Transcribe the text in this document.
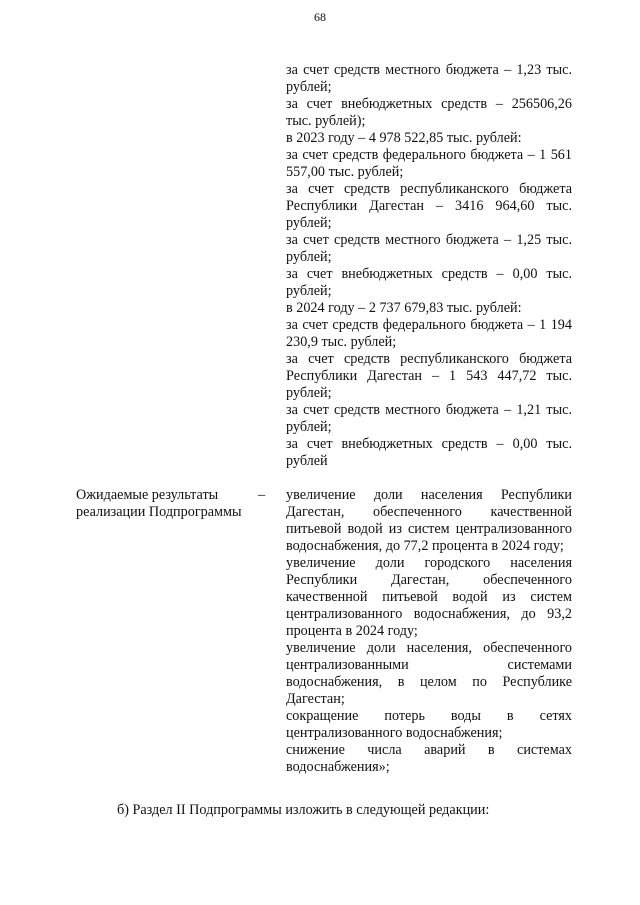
68

за счет средств местного бюджета – 1,23 тыс. рублей;

за счет внебюджетных средств – 256506,26 тыс. рублей);

в 2023 году – 4 978 522,85 тыс. рублей:

за счет средств федерального бюджета – 1 561 557,00 тыс. рублей;

за счет средств республиканского бюджета Республики Дагестан – 3416 964,60 тыс. рублей;

за счет средств местного бюджета – 1,25 тыс. рублей;

за счет внебюджетных средств – 0,00 тыс. рублей;

в 2024 году – 2 737 679,83 тыс. рублей:

за счет средств федерального бюджета – 1 194 230,9 тыс. рублей;

за счет средств республиканского бюджета Республики Дагестан – 1 543 447,72 тыс. рублей;

за счет средств местного бюджета – 1,21 тыс. рублей;

за счет внебюджетных средств – 0,00 тыс. рублей

Ожидаемые результаты реализации Подпрограммы
– увеличение доли населения Республики Дагестан, обеспеченного качественной питьевой водой из систем централизованного водоснабжения, до 77,2 процента в 2024 году;

увеличение доли городского населения Республики Дагестан, обеспеченного качественной питьевой водой из систем централизованного водоснабжения, до 93,2 процента в 2024 году;

увеличение доли населения, обеспеченного централизованными системами водоснабжения, в целом по Республике Дагестан;

сокращение потерь воды в сетях централизованного водоснабжения;

снижение числа аварий в системах водоснабжения»;

б) Раздел II Подпрограммы изложить в следующей редакции:
